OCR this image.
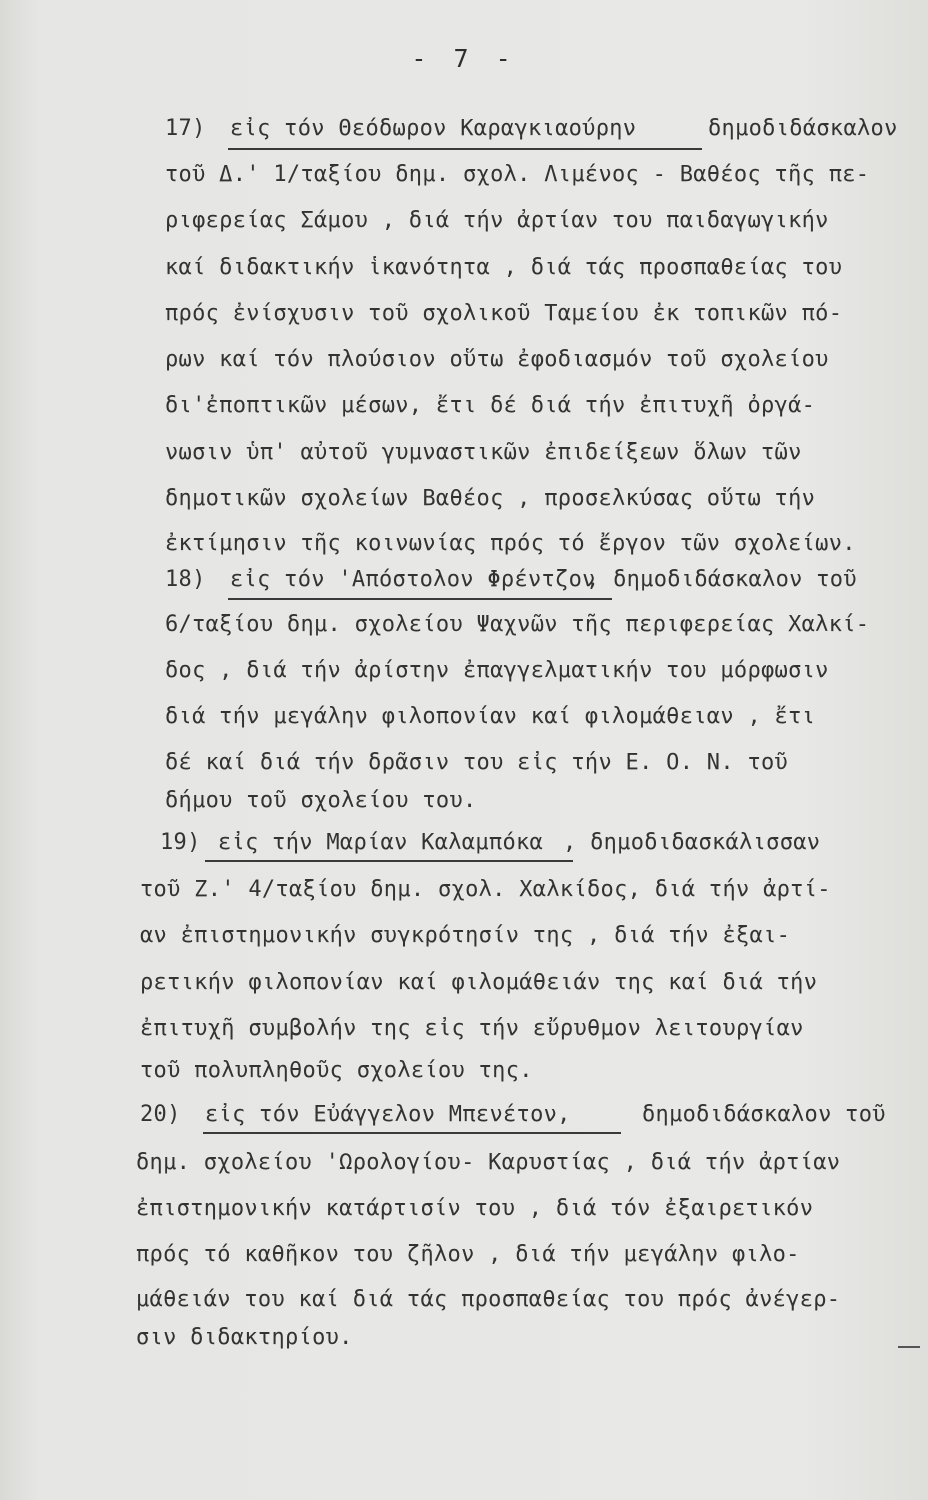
- 7 -
17) εἰς τόν Θεόδωρον Καραγκιαούρην	δημοδιδάσκαλον
τοῦ Δ.' 1/ταξίου δημ. σχολ. Λιμένος - Βαθέος τῆς πε-
ριφερείας Σάμου , διά τήν ἀρτίαν του παιδαγωγικήν
καί διδακτικήν ἱκανότητα , διά τάς προσπαθείας του
πρός ἐνίσχυσιν τοῦ σχολικοῦ Ταμείου ἐκ τοπικῶν πό-
ρων καί τόν πλούσιον οὕτω ἐφοδιασμόν τοῦ σχολείου
δι'ἐποπτικῶν μέσων, ἔτι δέ διά τήν ἐπιτυχῆ ὀργά-
νωσιν ὑπ' αὐτοῦ γυμναστικῶν ἐπιδείξεων ὅλων τῶν
δημοτικῶν σχολείων Βαθέος , προσελκύσας οὕτω τήν
ἐκτίμησιν τῆς κοινωνίας πρός τό ἔργον τῶν σχολείων.
18) εἰς τόν 'Απόστολον Φρέντζον
, δημοδιδάσκαλον τοῦ
6/ταξίου δημ. σχολείου Ψαχνῶν τῆς περιφερείας Χαλκί-
δος , διά τήν ἀρίστην ἐπαγγελματικήν του μόρφωσιν
διά τήν μεγάλην φιλοπονίαν καί φιλομάθειαν , ἔτι
δέ καί διά τήν δρᾶσιν του εἰς τήν Ε. Ο. Ν. τοῦ
δήμου τοῦ σχολείου του.
19) εἰς τήν Μαρίαν Καλαμπόκα , δημοδιδασκάλισσαν
τοῦ Ζ.' 4/ταξίου δημ. σχολ. Χαλκίδος, διά τήν ἀρτί-
αν ἐπιστημονικήν συγκρότησίν της , διά τήν ἐξαι-
ρετικήν φιλοπονίαν καί φιλομάθειάν της καί διά τήν
ἐπιτυχῆ συμβολήν της εἰς τήν εὔρυθμον λειτουργίαν
τοῦ πολυπληθοῦς σχολείου της.
20) εἰς τόν Εὐάγγελον Μπενέτον,	δημοδιδάσκαλον τοῦ
δημ. σχολείου 'Ωρολογίου- Καρυστίας , διά τήν ἀρτίαν
ἐπιστημονικήν κατάρτισίν του , διά τόν ἐξαιρετικόν
πρός τό καθῆκον του ζῆλον , διά τήν μεγάλην φιλο-
μάθειάν του καί διά τάς προσπαθείας του πρός ἀνέγερ-
σιν διδακτηρίου.
